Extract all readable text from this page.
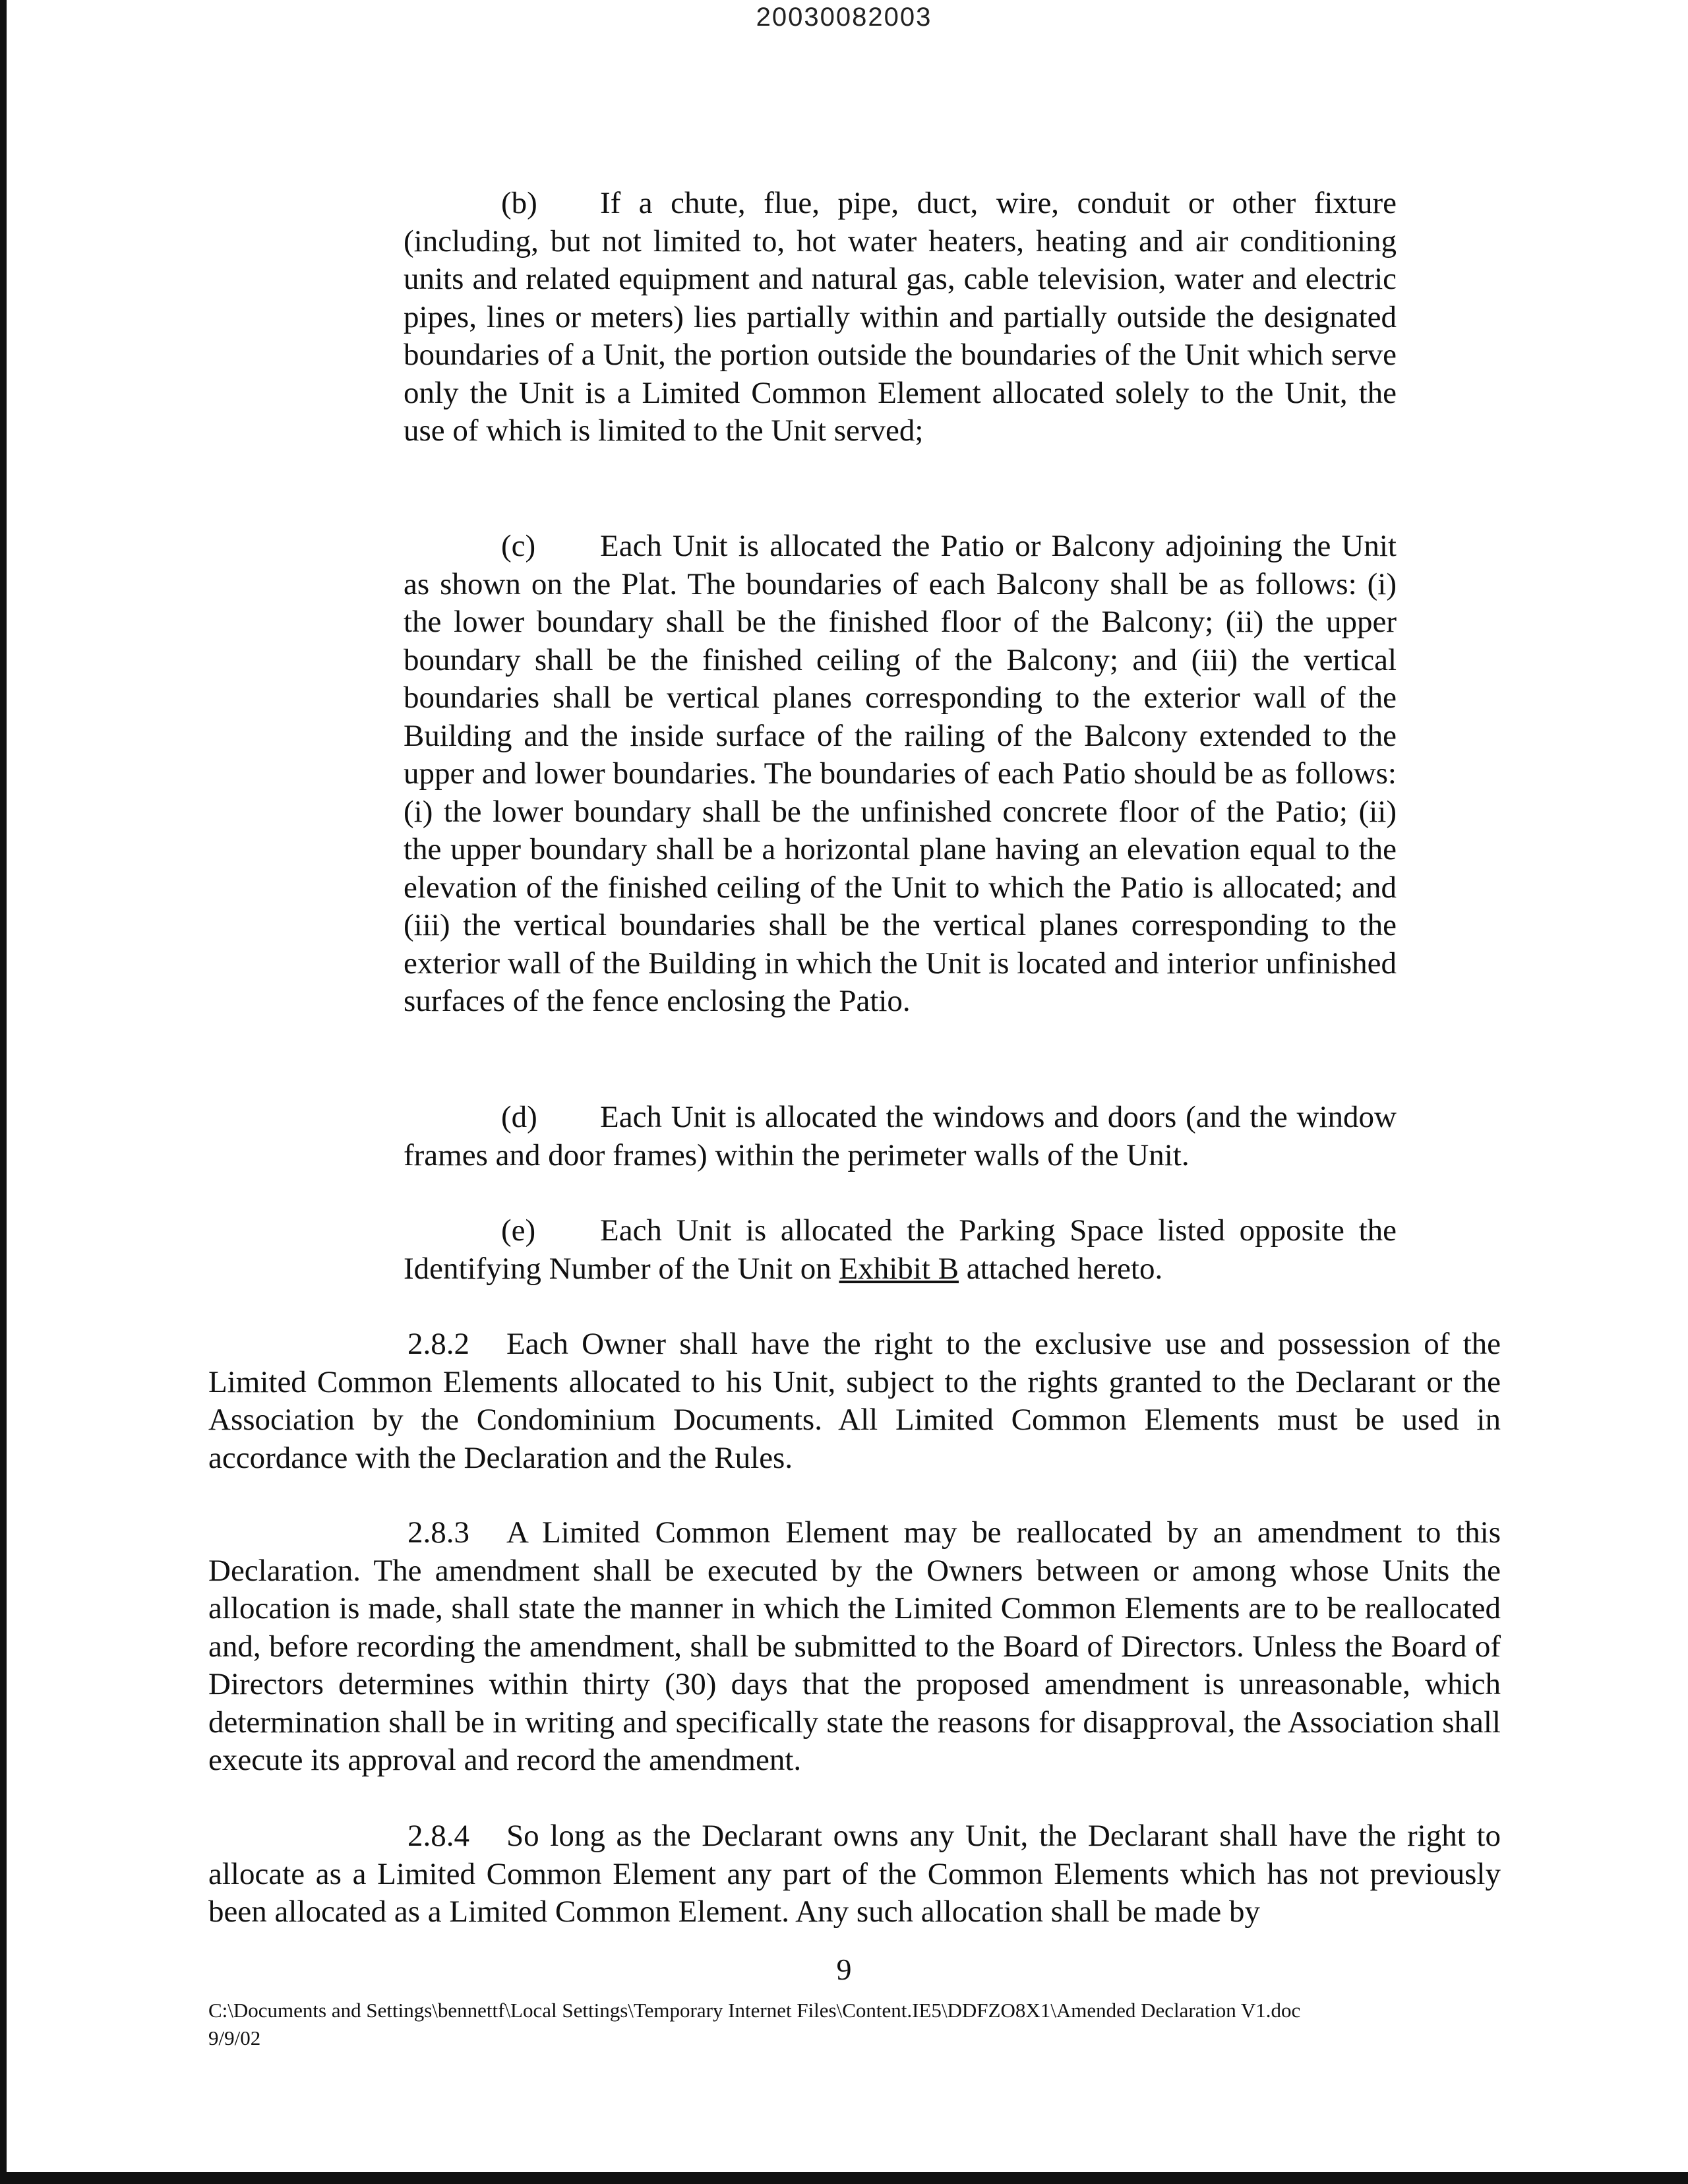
20030082003

(b) If a chute, flue, pipe, duct, wire, conduit or other fixture (including, but not limited to, hot water heaters, heating and air conditioning units and related equipment and natural gas, cable television, water and electric pipes, lines or meters) lies partially within and partially outside the designated boundaries of a Unit, the portion outside the boundaries of the Unit which serve only the Unit is a Limited Common Element allocated solely to the Unit, the use of which is limited to the Unit served;

(c) Each Unit is allocated the Patio or Balcony adjoining the Unit as shown on the Plat. The boundaries of each Balcony shall be as follows: (i) the lower boundary shall be the finished floor of the Balcony; (ii) the upper boundary shall be the finished ceiling of the Balcony; and (iii) the vertical boundaries shall be vertical planes corresponding to the exterior wall of the Building and the inside surface of the railing of the Balcony extended to the upper and lower boundaries. The boundaries of each Patio should be as follows: (i) the lower boundary shall be the unfinished concrete floor of the Patio; (ii) the upper boundary shall be a horizontal plane having an elevation equal to the elevation of the finished ceiling of the Unit to which the Patio is allocated; and (iii) the vertical boundaries shall be the vertical planes corresponding to the exterior wall of the Building in which the Unit is located and interior unfinished surfaces of the fence enclosing the Patio.

(d) Each Unit is allocated the windows and doors (and the window frames and door frames) within the perimeter walls of the Unit.

(e) Each Unit is allocated the Parking Space listed opposite the Identifying Number of the Unit on Exhibit B attached hereto.

2.8.2 Each Owner shall have the right to the exclusive use and possession of the Limited Common Elements allocated to his Unit, subject to the rights granted to the Declarant or the Association by the Condominium Documents. All Limited Common Elements must be used in accordance with the Declaration and the Rules.

2.8.3 A Limited Common Element may be reallocated by an amendment to this Declaration. The amendment shall be executed by the Owners between or among whose Units the allocation is made, shall state the manner in which the Limited Common Elements are to be reallocated and, before recording the amendment, shall be submitted to the Board of Directors. Unless the Board of Directors determines within thirty (30) days that the proposed amendment is unreasonable, which determination shall be in writing and specifically state the reasons for disapproval, the Association shall execute its approval and record the amendment.

2.8.4 So long as the Declarant owns any Unit, the Declarant shall have the right to allocate as a Limited Common Element any part of the Common Elements which has not previously been allocated as a Limited Common Element. Any such allocation shall be made by

9
C:\Documents and Settings\bennettf\Local Settings\Temporary Internet Files\Content.IE5\DDFZO8X1\Amended Declaration V1.doc
9/9/02
